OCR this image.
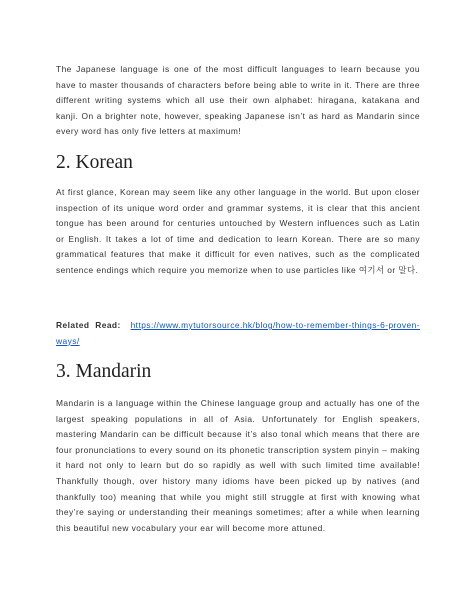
The Japanese language is one of the most difficult languages to learn because you have to master thousands of characters before being able to write in it. There are three different writing systems which all use their own alphabet: hiragana, katakana and kanji. On a brighter note, however, speaking Japanese isn’t as hard as Mandarin since every word has only five letters at maximum!

2. Korean

At first glance, Korean may seem like any other language in the world. But upon closer inspection of its unique word order and grammar systems, it is clear that this ancient tongue has been around for centuries untouched by Western influences such as Latin or English. It takes a lot of time and dedication to learn Korean. There are so many grammatical features that make it difficult for even natives, such as the complicated sentence endings which require you memorize when to use particles like 여기서 or 말다.

Related Read: https://www.mytutorsource.hk/blog/how-to-remember-things-6-proven-ways/

3. Mandarin

Mandarin is a language within the Chinese language group and actually has one of the largest speaking populations in all of Asia. Unfortunately for English speakers, mastering Mandarin can be difficult because it’s also tonal which means that there are four pronunciations to every sound on its phonetic transcription system pinyin – making it hard not only to learn but do so rapidly as well with such limited time available! Thankfully though, over history many idioms have been picked up by natives (and thankfully too) meaning that while you might still struggle at first with knowing what they’re saying or understanding their meanings sometimes; after a while when learning this beautiful new vocabulary your ear will become more attuned.
